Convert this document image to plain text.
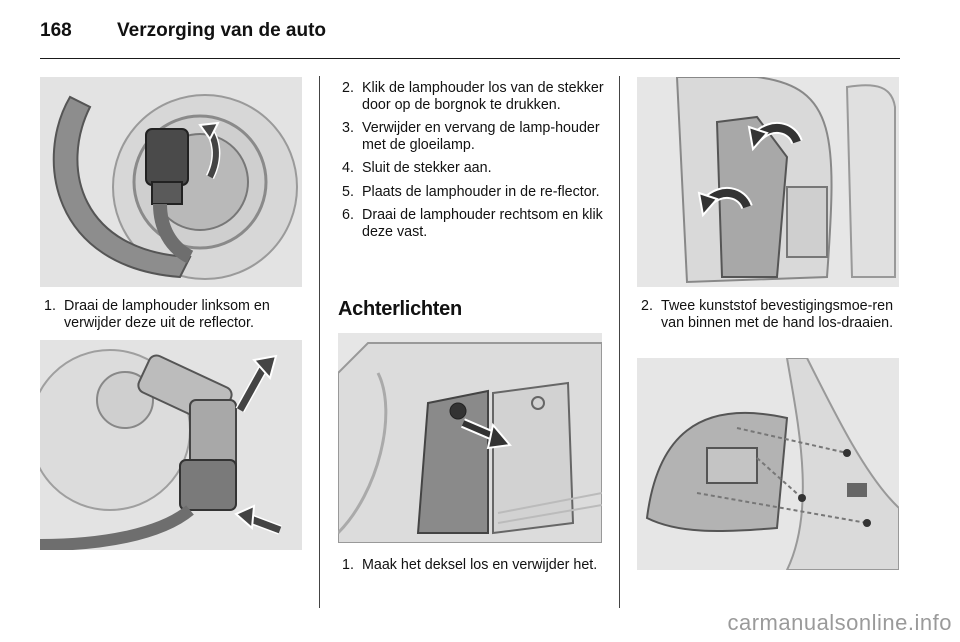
168 Verzorging van de auto
1. Draai de lamphouder linksom en verwijder deze uit de reflector.
2. Klik de lamphouder los van de stekker door op de borgnok te drukken.
3. Verwijder en vervang de lamp-houder met de gloeilamp.
4. Sluit de stekker aan.
5. Plaats de lamphouder in de re-flector.
6. Draai de lamphouder rechtsom en klik deze vast.
Achterlichten
1. Maak het deksel los en verwijder het.
2. Twee kunststof bevestigingsmoe-ren van binnen met de hand los-draaien.
carmanualsonline.info
